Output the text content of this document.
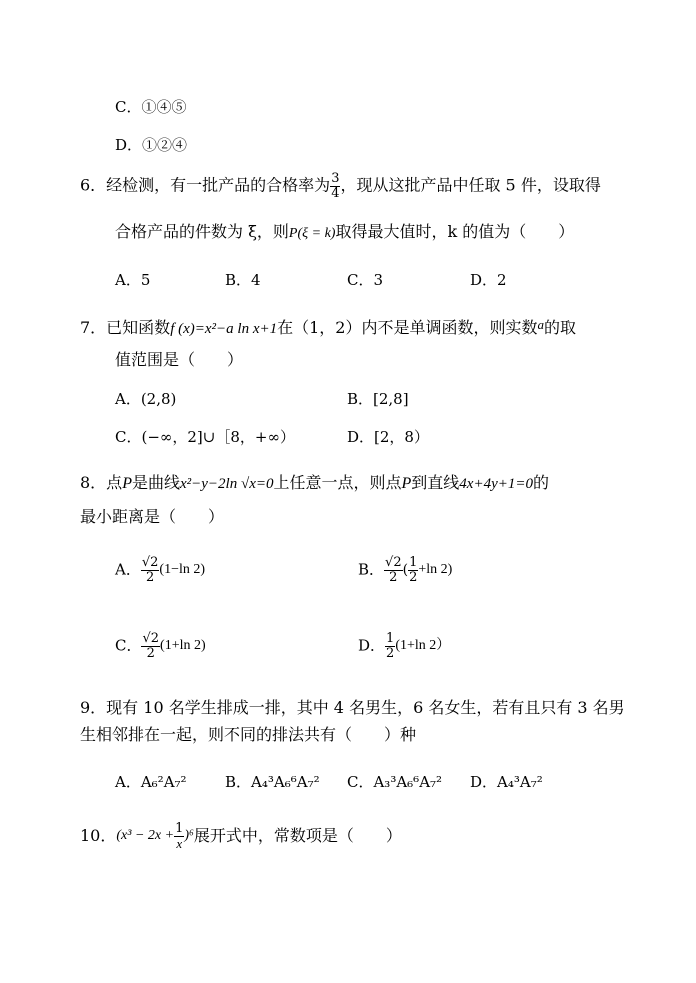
C．①④⑤
D．①②④
6．经检测，有一批产品的合格率为 $\frac{3}{4}$ ，现从这批产品中任取 5 件，设取得
合格产品的件数为 ξ，则P(ξ = k)取得最大值时，k 的值为（　　）
A．5	B．4	C．3	D．2
7．已知函数f (x)=x²−a ln x+1在（1，2）内不是单调函数，则实数$^a$的取
值范围是（　　）
A．(2,8)	B．[2,8]
C．(−∞，2]∪［8，+∞）	D．[2，8）
8．点P是曲线x²−y−2ln √x=0上任意一点，则点P到直线4x+4y+1=0的
最小距离是（　　）
A． $\frac{√2}{2} (1-\ln$ 2)	B． $\frac{√2}{2}$ ( $\frac{1}{2} +\ln$ 2)
C． $\frac{√2}{2} (1+\ln$ 2)	D． $\frac{1}{2} (1+\ln$ 2）
9．现有 10 名学生排成一排，其中 4 名男生，6 名女生，若有且只有 3 名男
生相邻排在一起，则不同的排法共有（　　）种
A．A₆²A₇²	B．A₄³A₆⁶A₇² C．A₃³A₆⁶A₇² D．A₄³A₇²
10．$(x^3 - 2x + \frac{1}{x} )^6$展开式中，常数项是（　　）
